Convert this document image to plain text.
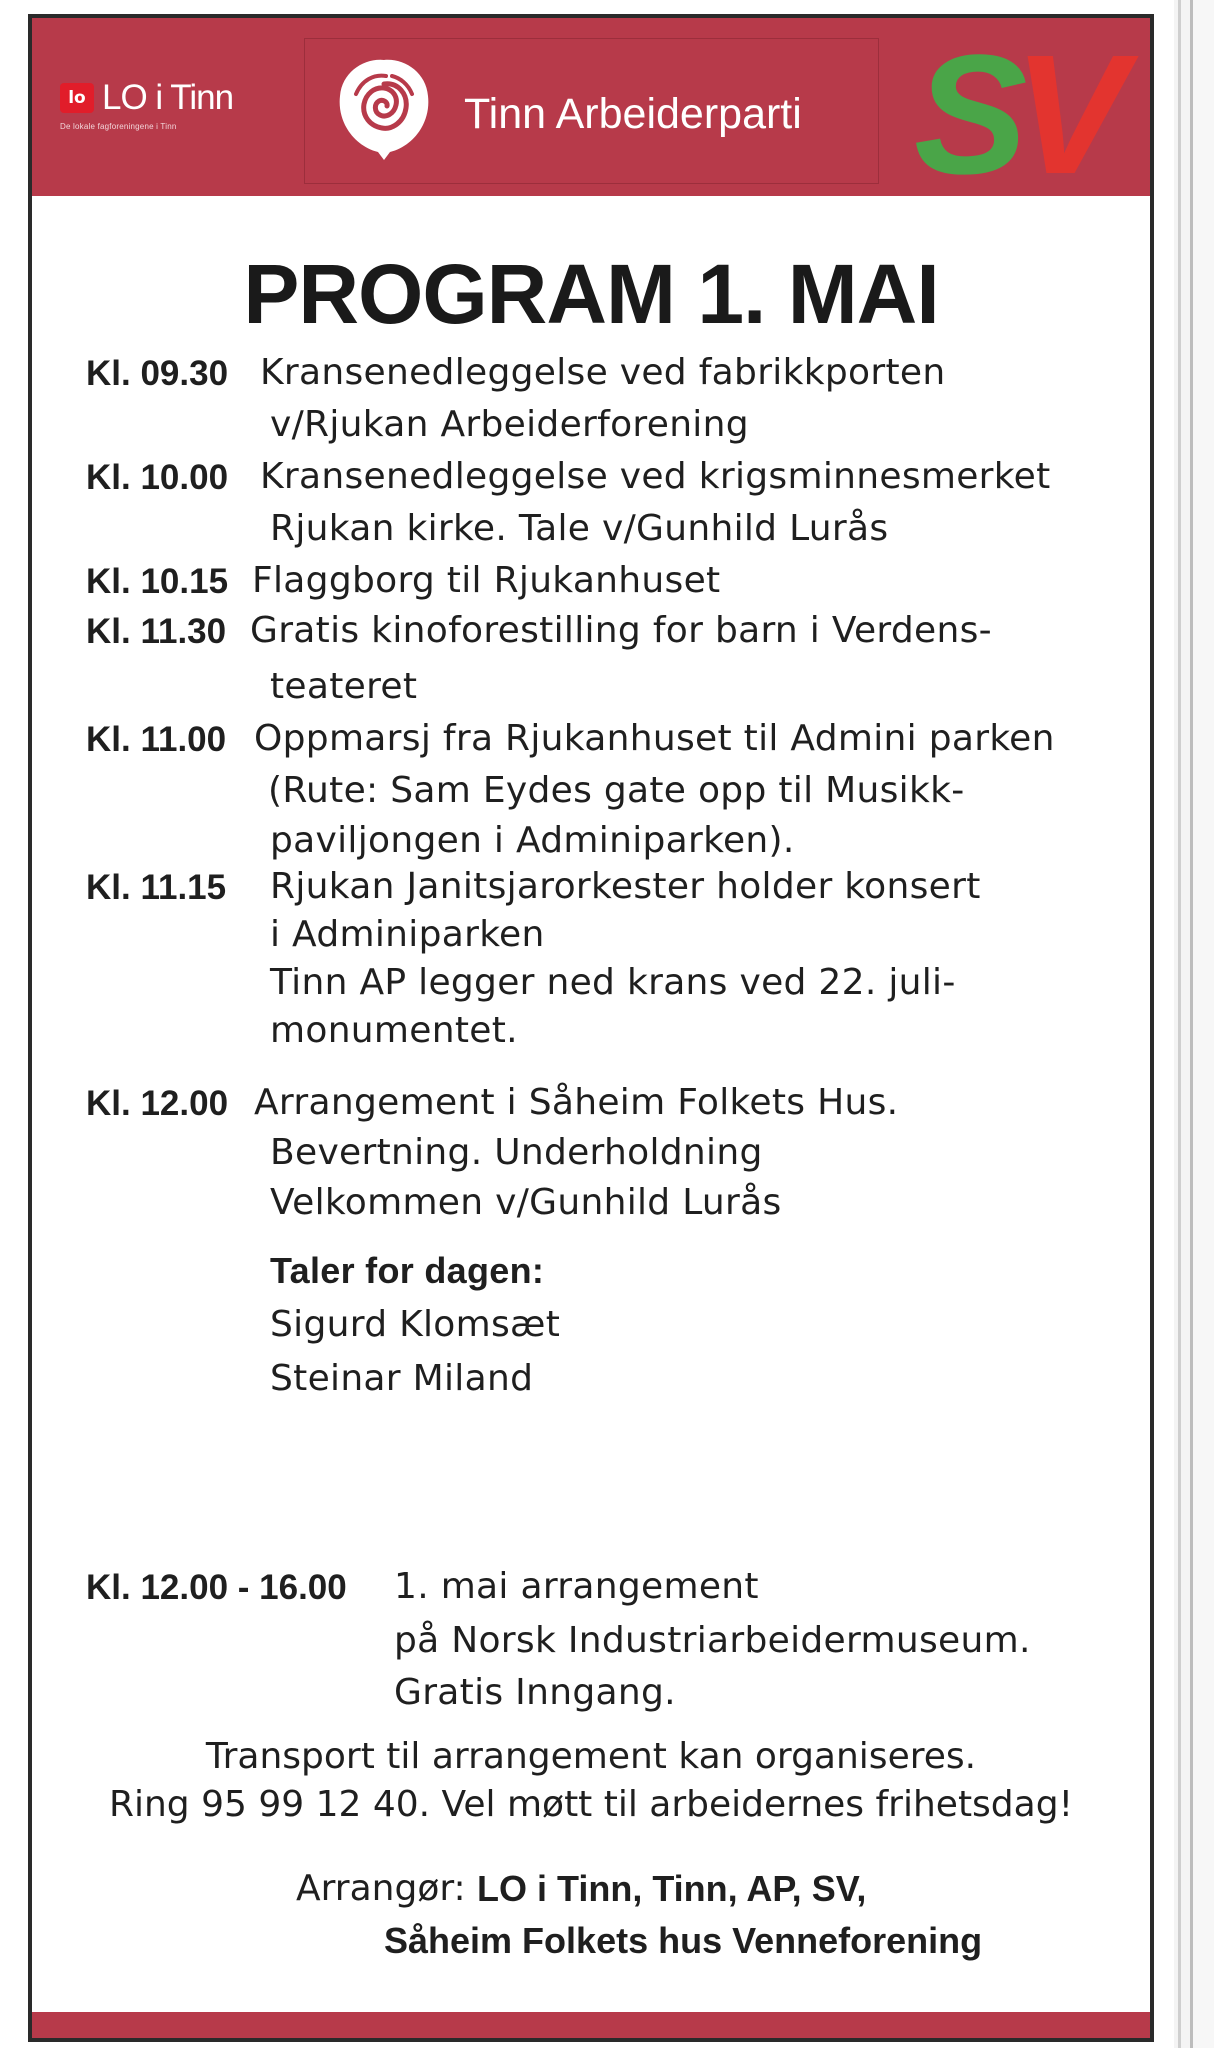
lo LO i Tinn
De lokale fagforeningene i Tinn	Tinn Arbeiderparti SV
PROGRAM 1. MAI
Kl. 09.30 Kransenedleggelse ved fabrikkporten
v/Rjukan Arbeiderforening
Kl. 10.00 Kransenedleggelse ved krigsminnesmerket
Rjukan kirke. Tale v/Gunhild Lurås
Kl. 10.15 Flaggborg til Rjukanhuset
Kl. 11.30 Gratis kinoforestilling for barn i Verdens-
teateret
Kl. 11.00 Oppmarsj fra Rjukanhuset til Admini parken
(Rute: Sam Eydes gate opp til Musikk-
paviljongen i Adminiparken).
Kl. 11.15 Rjukan Janitsjarorkester holder konsert
i Adminiparken
Tinn AP legger ned krans ved 22. juli-
monumentet.
Kl. 12.00 Arrangement i Såheim Folkets Hus.
Bevertning. Underholdning
Velkommen v/Gunhild Lurås
Taler for dagen:
Sigurd Klomsæt
Steinar Miland
Kl. 12.00 - 16.00 1. mai arrangement
på Norsk Industriarbeidermuseum.
Gratis Inngang.
Transport til arrangement kan organiseres.
Ring 95 99 12 40. Vel møtt til arbeidernes frihetsdag!
Arrangør: LO i Tinn, Tinn, AP, SV,
Såheim Folkets hus Venneforening
